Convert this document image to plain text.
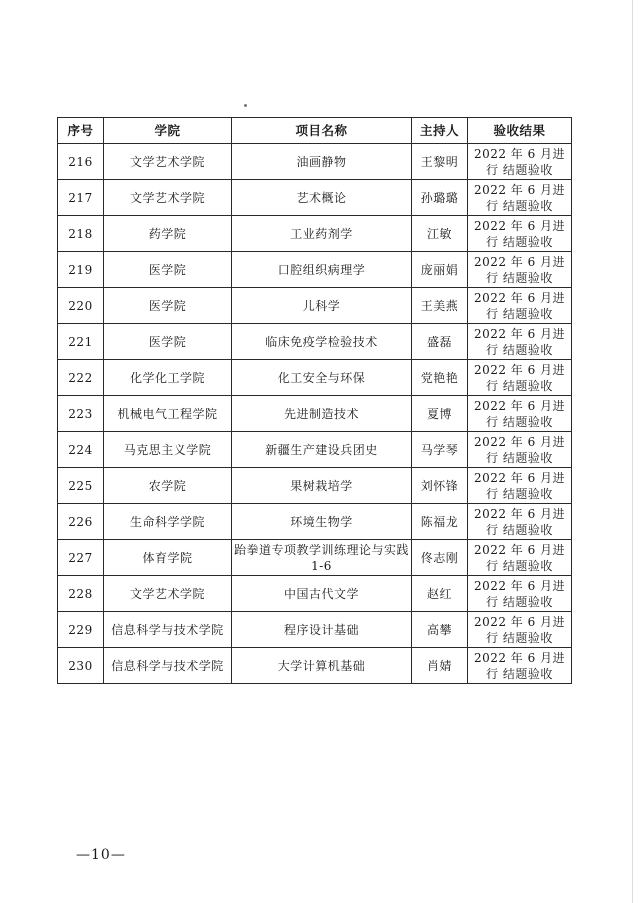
序号	学院	项目名称	主持人	验收结果
216	文学艺术学院	油画静物	王黎明	2022 年 6 月进行 结题验收
217	文学艺术学院	艺术概论	孙璐璐	2022 年 6 月进行 结题验收
218	药学院	工业药剂学	江敏	2022 年 6 月进行 结题验收
219	医学院	口腔组织病理学	庞丽娟	2022 年 6 月进行 结题验收
220	医学院	儿科学	王美燕	2022 年 6 月进行 结题验收
221	医学院	临床免疫学检验技术	盛磊	2022 年 6 月进行 结题验收
222	化学化工学院	化工安全与环保	党艳艳	2022 年 6 月进行 结题验收
223	机械电气工程学院	先进制造技术	夏博	2022 年 6 月进行 结题验收
224	马克思主义学院	新疆生产建设兵团史	马学琴	2022 年 6 月进行 结题验收
225	农学院	果树栽培学	刘怀锋	2022 年 6 月进行 结题验收
226	生命科学学院	环境生物学	陈福龙	2022 年 6 月进行 结题验收
227	体育学院	跆拳道专项教学训练理论与实践 1-6	佟志刚	2022 年 6 月进行 结题验收
228	文学艺术学院	中国古代文学	赵红	2022 年 6 月进行 结题验收
229	信息科学与技术学院	程序设计基础	高攀	2022 年 6 月进行 结题验收
230	信息科学与技术学院	大学计算机基础	肖婧	2022 年 6 月进行 结题验收
—10—
